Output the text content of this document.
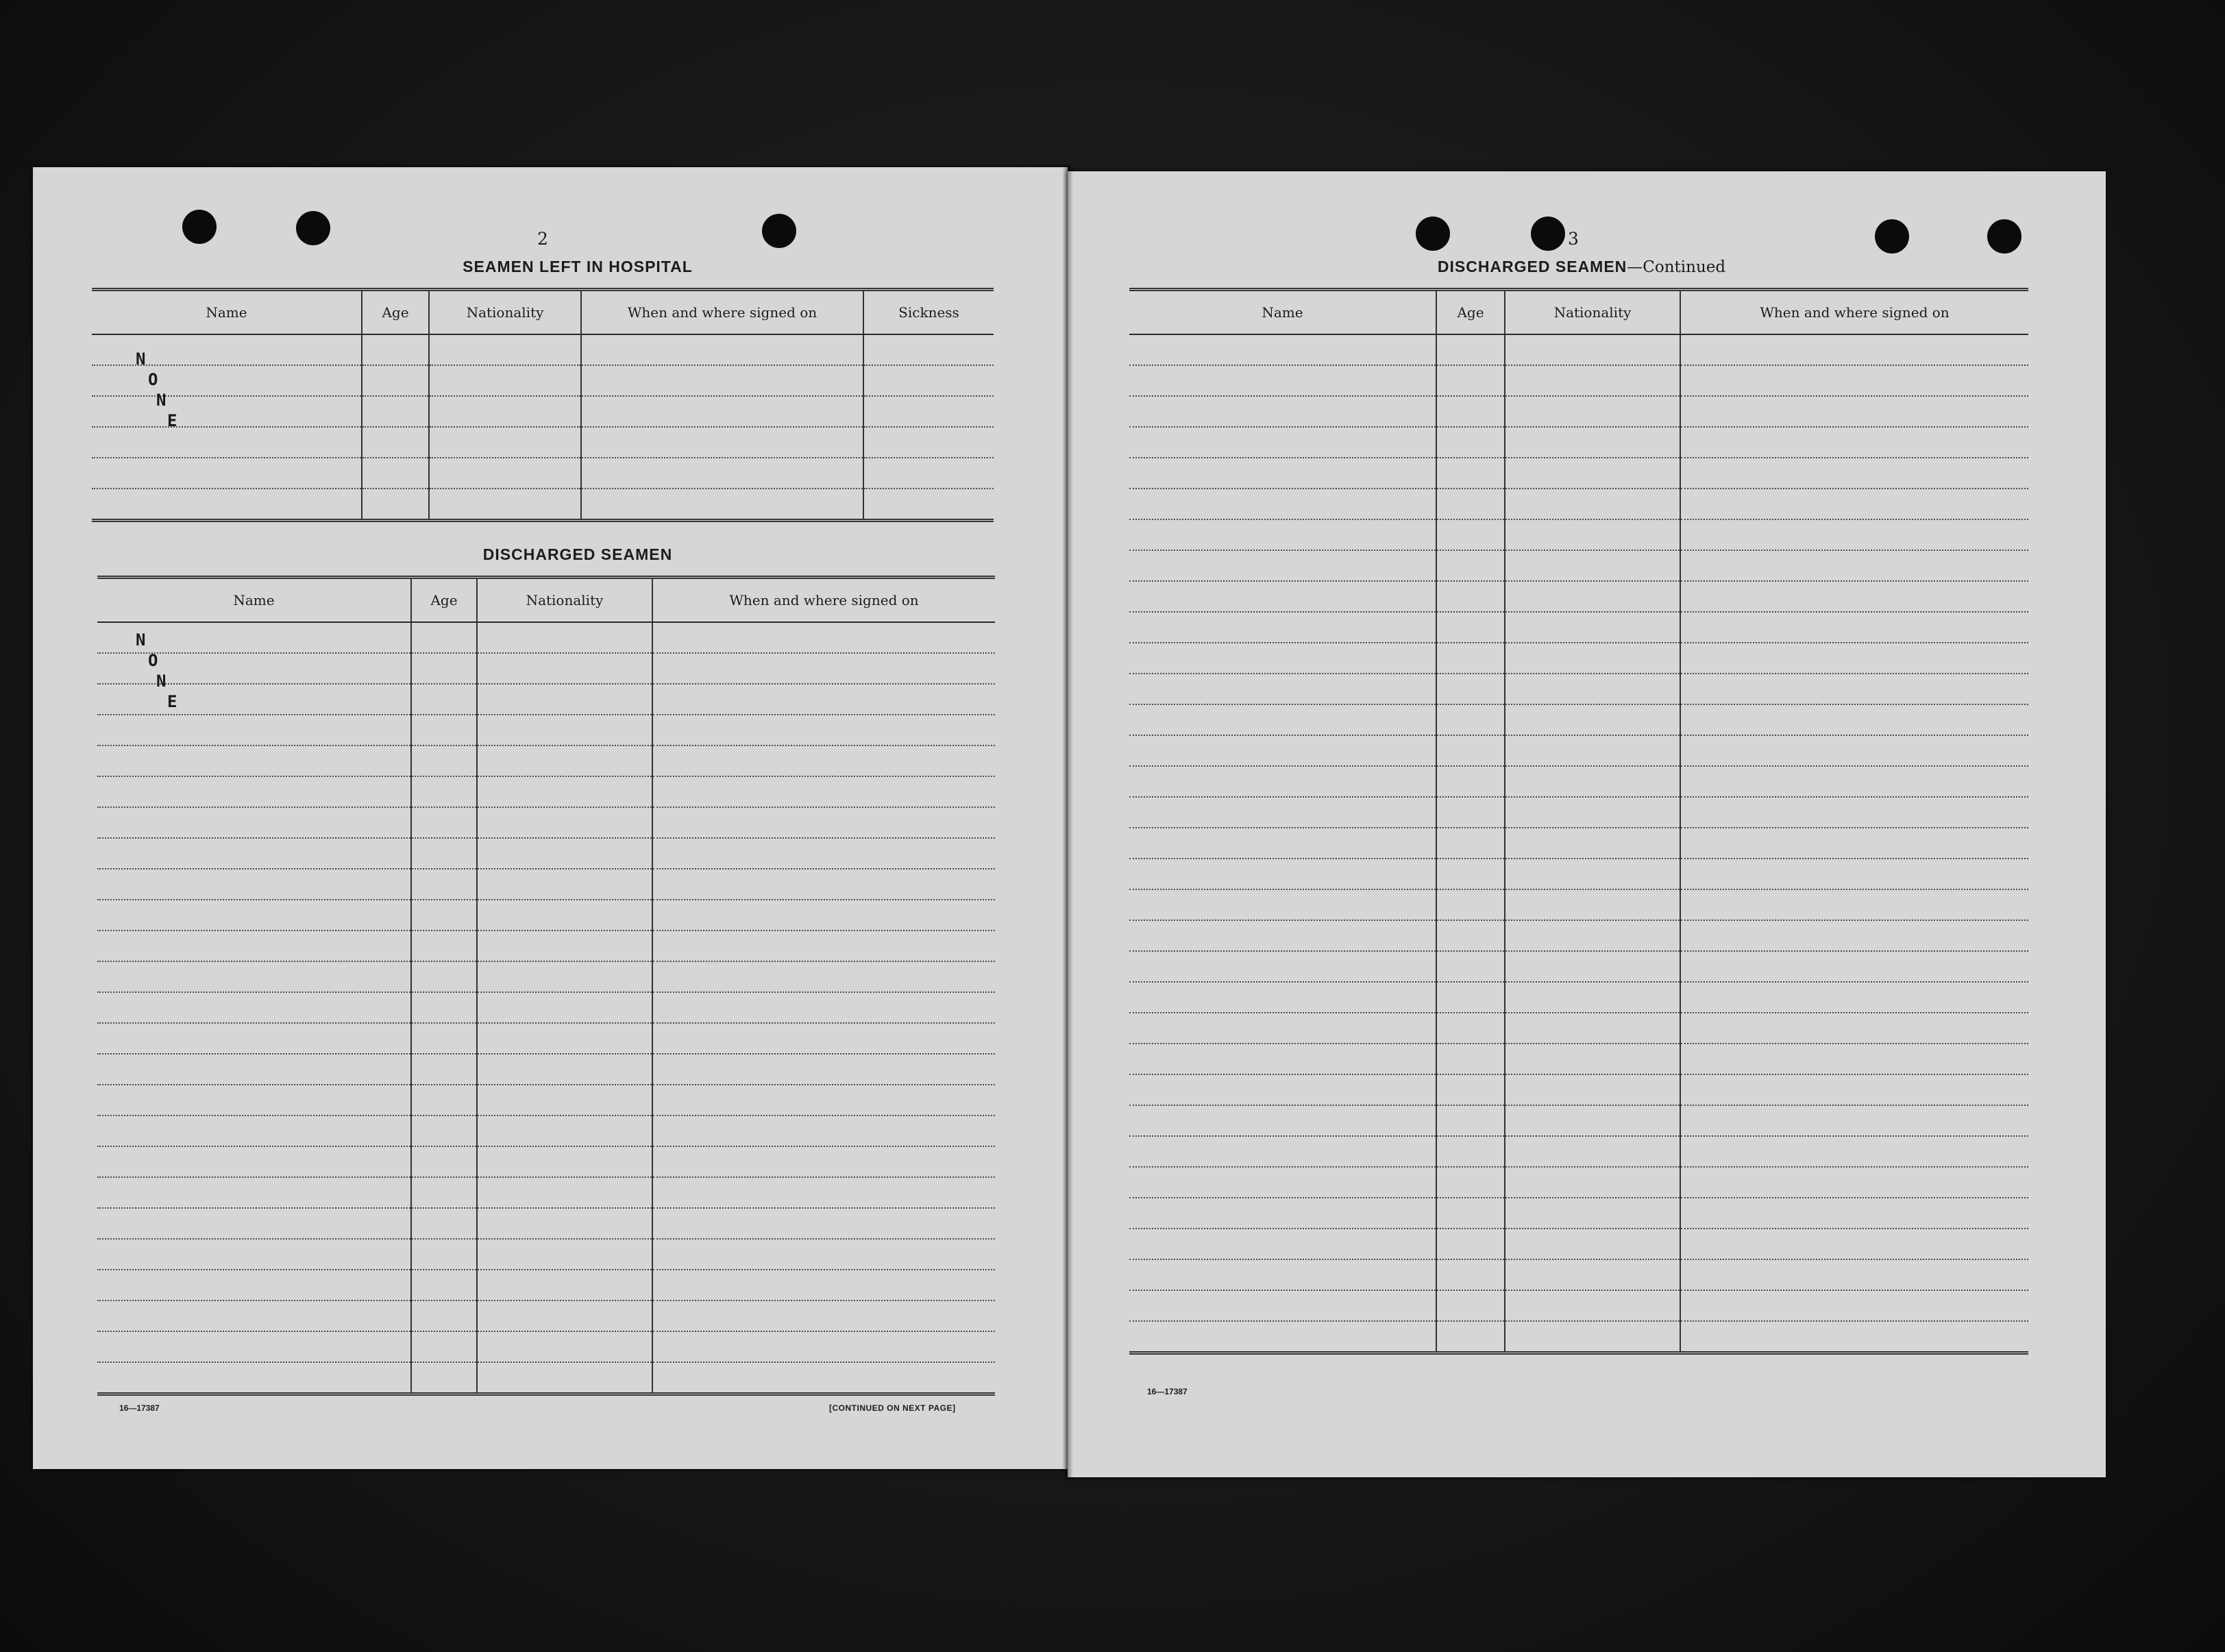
2
SEAMEN LEFT IN HOSPITAL
Name	Age	Nationality	When and where signed on	Sickness

N
O
N
E
DISCHARGED SEAMEN
Name	Age	Nationality	When and where signed on

N
O
N
E
16—17387	[CONTINUED ON NEXT PAGE]
3
DISCHARGED SEAMEN—Continued
Name	Age	Nationality	When and where signed on

16—17387
